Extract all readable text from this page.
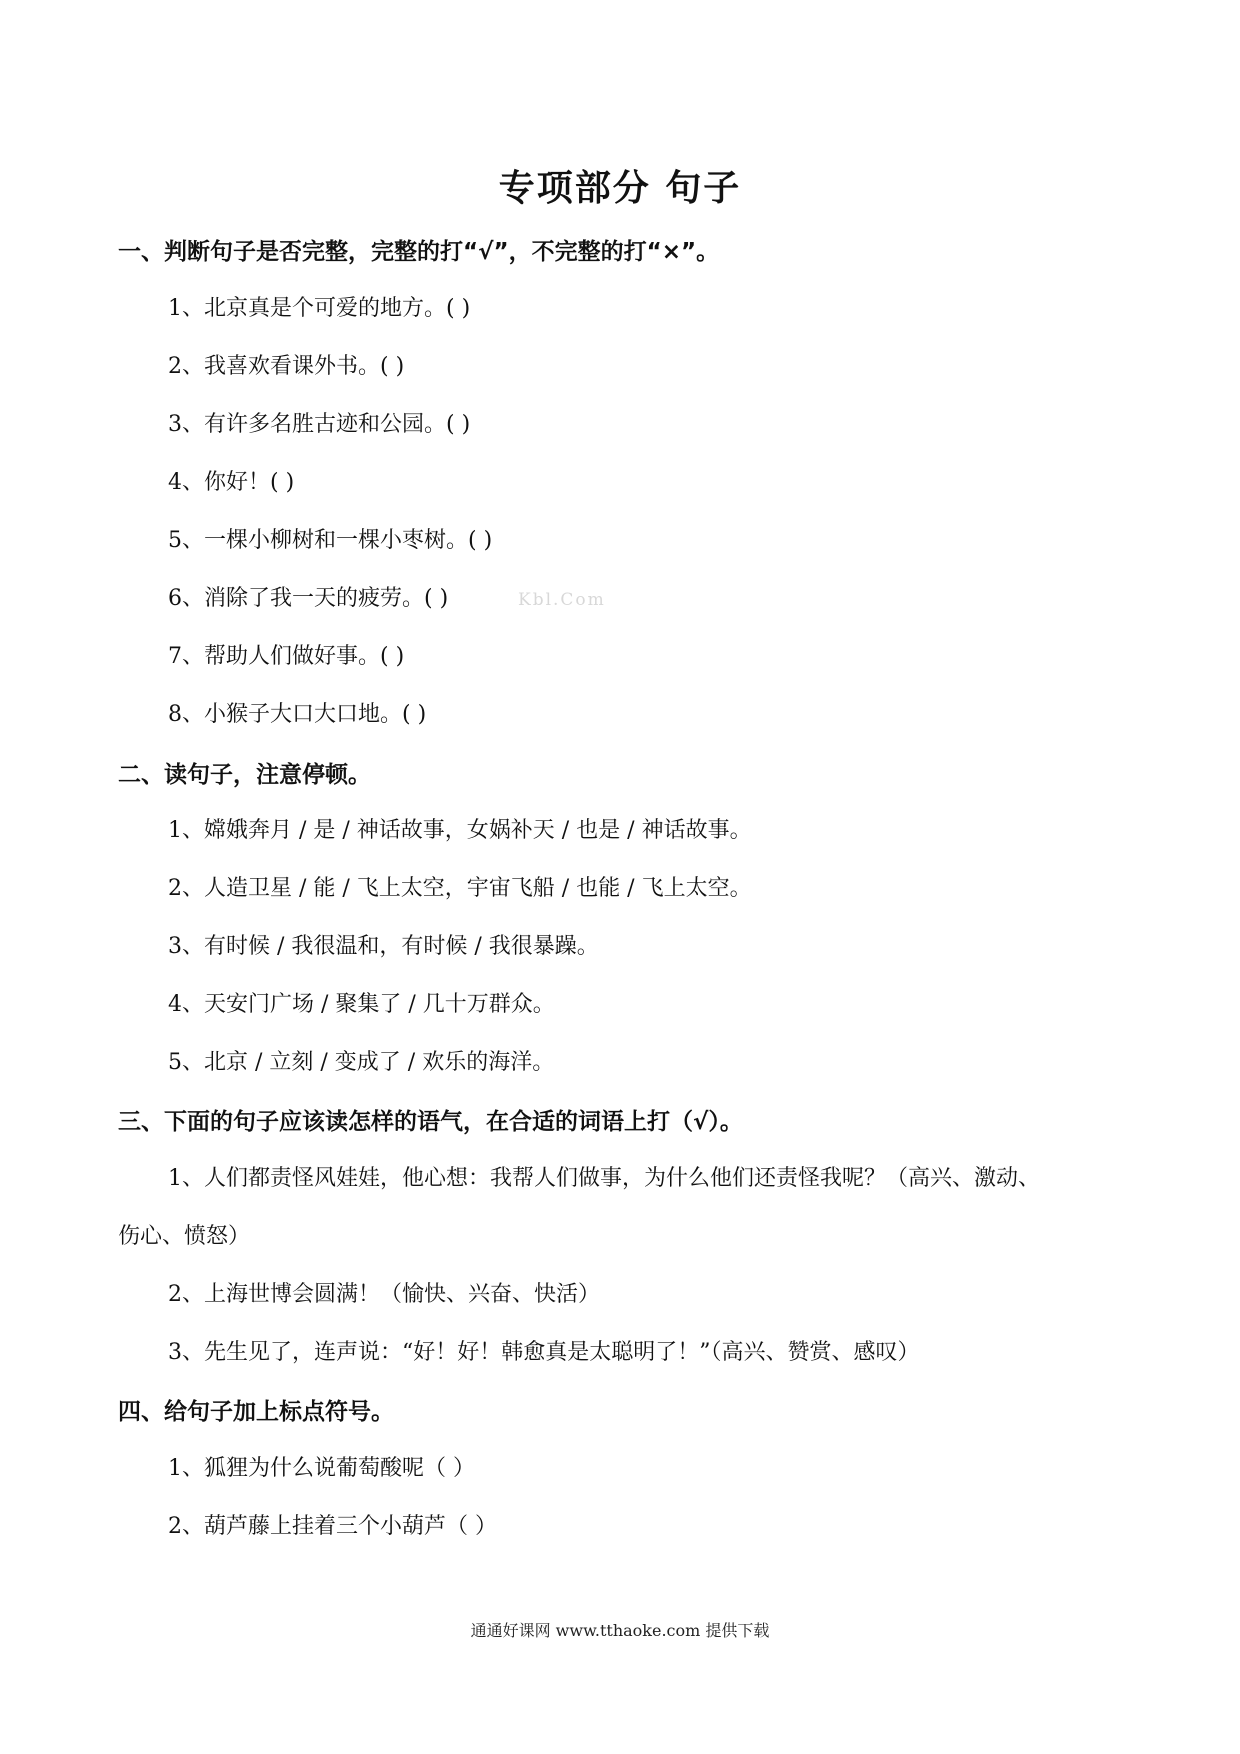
专项部分 句子
一、判断句子是否完整，完整的打“√”，不完整的打“×”。
1、北京真是个可爱的地方。( )
2、我喜欢看课外书。( )
3、有许多名胜古迹和公园。( )
4、你好！( )
5、一棵小柳树和一棵小枣树。( )
6、消除了我一天的疲劳。( )	Kbl.Com
7、帮助人们做好事。( )
8、小猴子大口大口地。( )
二、读句子，注意停顿。
1、嫦娥奔月 / 是 / 神话故事，女娲补天 / 也是 / 神话故事。
2、人造卫星 / 能 / 飞上太空，宇宙飞船 / 也能 / 飞上太空。
3、有时候 / 我很温和，有时候 / 我很暴躁。
4、天安门广场 / 聚集了 / 几十万群众。
5、北京 / 立刻 / 变成了 / 欢乐的海洋。
三、下面的句子应该读怎样的语气，在合适的词语上打（√）。
1、人们都责怪风娃娃，他心想：我帮人们做事，为什么他们还责怪我呢？（高兴、激动、
伤心、愤怒）
2、上海世博会圆满！（愉快、兴奋、快活）
3、先生见了，连声说：“好！好！韩愈真是太聪明了！”（高兴、赞赏、感叹）
四、给句子加上标点符号。
1、狐狸为什么说葡萄酸呢（ ）
2、葫芦藤上挂着三个小葫芦（ ）
通通好课网 www.tthaoke.com 提供下载
